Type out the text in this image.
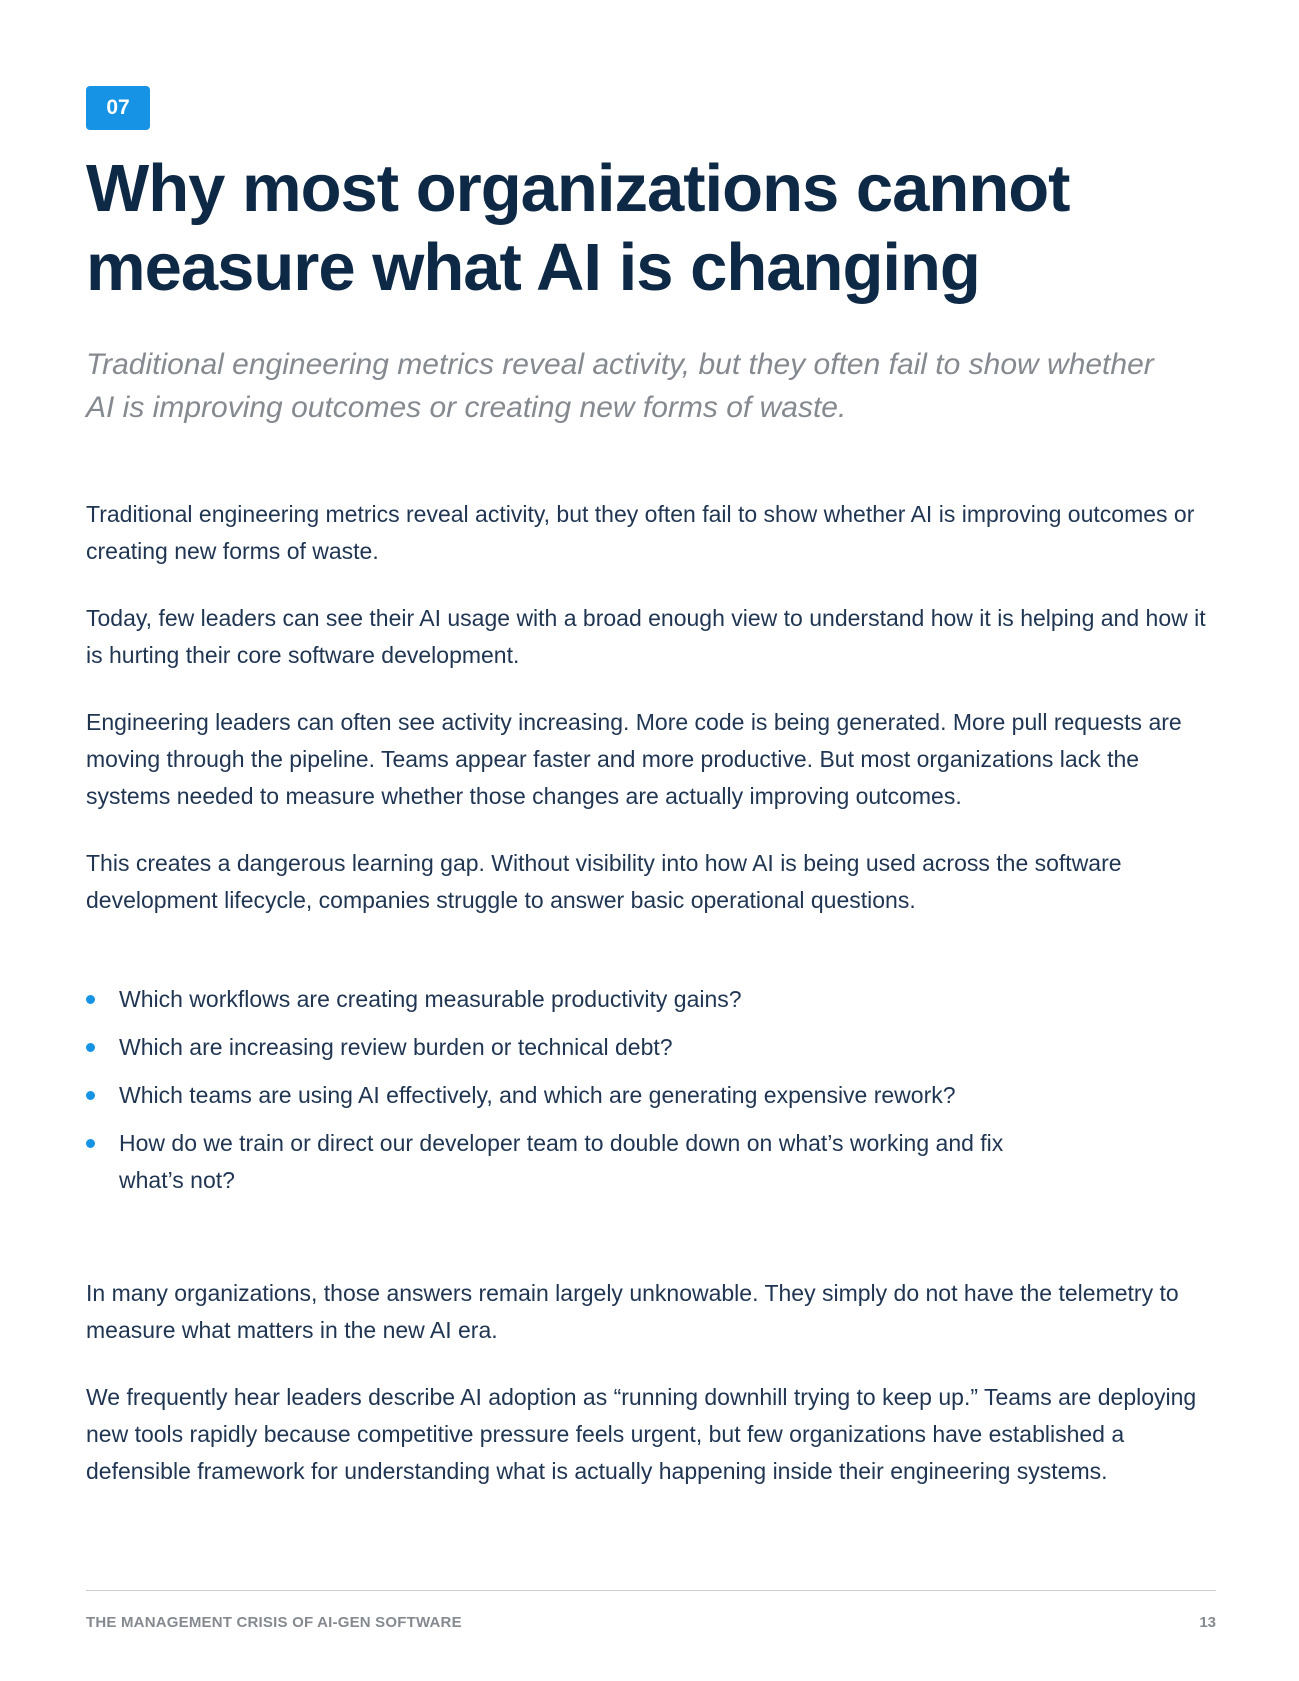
07
Why most organizations cannot
measure what AI is changing

Traditional engineering metrics reveal activity, but they often fail to show whether AI is improving outcomes or creating new forms of waste.

Traditional engineering metrics reveal activity, but they often fail to show whether AI is improving outcomes or creating new forms of waste.

Today, few leaders can see their AI usage with a broad enough view to understand how it is helping and how it is hurting their core software development.

Engineering leaders can often see activity increasing. More code is being generated. More pull requests are moving through the pipeline. Teams appear faster and more productive. But most organizations lack the systems needed to measure whether those changes are actually improving outcomes.

This creates a dangerous learning gap. Without visibility into how AI is being used across the software development lifecycle, companies struggle to answer basic operational questions.

Which workflows are creating measurable productivity gains?
Which are increasing review burden or technical debt?
Which teams are using AI effectively, and which are generating expensive rework?
How do we train or direct our developer team to double down on what’s working and fix what’s not?

In many organizations, those answers remain largely unknowable. They simply do not have the telemetry to measure what matters in the new AI era.

We frequently hear leaders describe AI adoption as “running downhill trying to keep up.” Teams are deploying new tools rapidly because competitive pressure feels urgent, but few organizations have established a defensible framework for understanding what is actually happening inside their engineering systems.

THE MANAGEMENT CRISIS OF AI-GEN SOFTWARE	13
